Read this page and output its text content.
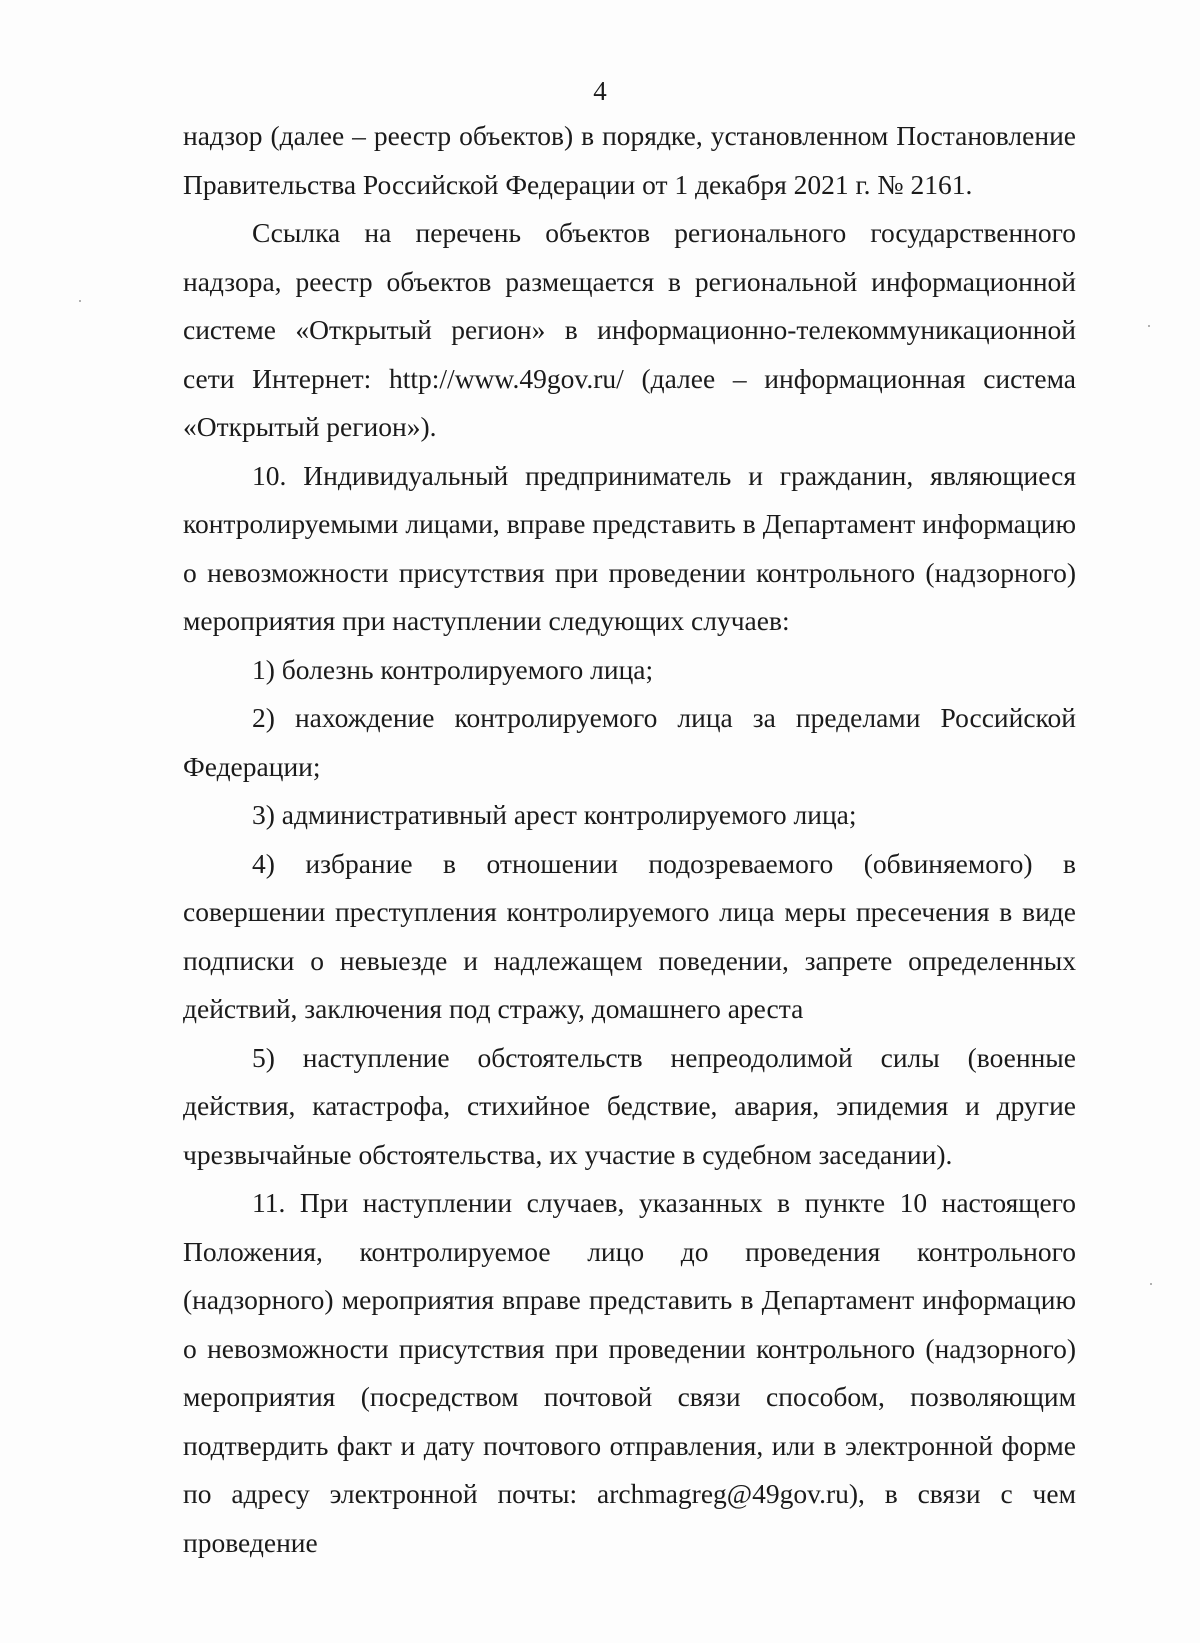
4

надзор (далее – реестр объектов) в порядке, установленном Постановление Правительства Российской Федерации от 1 декабря 2021 г. № 2161.

Ссылка на перечень объектов регионального государственного надзора, реестр объектов размещается в региональной информационной системе «Открытый регион» в информационно-телекоммуникационной сети Интернет: http://www.49gov.ru/ (далее – информационная система «Открытый регион»).

10. Индивидуальный предприниматель и гражданин, являющиеся контролируемыми лицами, вправе представить в Департамент информацию о невозможности присутствия при проведении контрольного (надзорного) мероприятия при наступлении следующих случаев:

1) болезнь контролируемого лица;

2) нахождение контролируемого лица за пределами Российской Федерации;

3) административный арест контролируемого лица;

4) избрание в отношении подозреваемого (обвиняемого) в совершении преступления контролируемого лица меры пресечения в виде подписки о невыезде и надлежащем поведении, запрете определенных действий, заключения под стражу, домашнего ареста

5) наступление обстоятельств непреодолимой силы (военные действия, катастрофа, стихийное бедствие, авария, эпидемия и другие чрезвычайные обстоятельства, их участие в судебном заседании).

11. При наступлении случаев, указанных в пункте 10 настоящего Положения, контролируемое лицо до проведения контрольного (надзорного) мероприятия вправе представить в Департамент информацию о невозможности присутствия при проведении контрольного (надзорного) мероприятия (посредством почтовой связи способом, позволяющим подтвердить факт и дату почтового отправления, или в электронной форме по адресу электронной почты: archmagreg@49gov.ru), в связи с чем проведение
